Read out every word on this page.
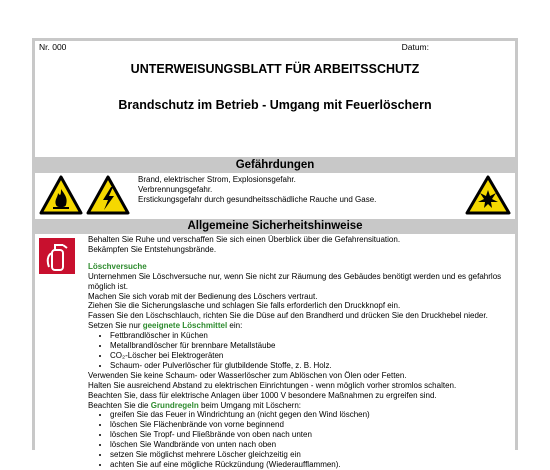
Nr. 000	Datum:
UNTERWEISUNGSBLATT FÜR ARBEITSSCHUTZ
Brandschutz im Betrieb - Umgang mit Feuerlöschern
Gefährdungen
Brand, elektrischer Strom, Explosionsgefahr.
Verbrennungsgefahr.
Erstickungsgefahr durch gesundheitsschädliche Rauche und Gase.
Allgemeine Sicherheitshinweise

Behalten Sie Ruhe und verschaffen Sie sich einen Überblick über die Gefahrensituation.

Bekämpfen Sie Entstehungsbrände.

Löschversuche

Unternehmen Sie Löschversuche nur, wenn Sie nicht zur Räumung des Gebäudes benötigt werden und es gefahrlos möglich ist.

Machen Sie sich vorab mit der Bedienung des Löschers vertraut.

Ziehen Sie die Sicherungslasche und schlagen Sie falls erforderlich den Druckknopf ein.

Fassen Sie den Löschschlauch, richten Sie die Düse auf den Brandherd und drücken Sie den Druckhebel nieder.

Setzen Sie nur geeignete Löschmittel ein:

• Fettbrandlöscher in Küchen
• Metallbrandlöscher für brennbare Metallstäube
• CO₂-Löscher bei Elektrogeräten
• Schaum- oder Pulverlöscher für glutbildende Stoffe, z. B. Holz.

Verwenden Sie keine Schaum- oder Wasserlöscher zum Ablöschen von Ölen oder Fetten.

Halten Sie ausreichend Abstand zu elektrischen Einrichtungen - wenn möglich vorher stromlos schalten.

Beachten Sie, dass für elektrische Anlagen über 1000 V besondere Maßnahmen zu ergreifen sind.

Beachten Sie die Grundregeln beim Umgang mit Löschern:

• greifen Sie das Feuer in Windrichtung an (nicht gegen den Wind löschen)
• löschen Sie Flächenbrände von vorne beginnend
• löschen Sie Tropf- und Fließbrände von oben nach unten
• löschen Sie Wandbrände von unten nach oben
• setzen Sie möglichst mehrere Löscher gleichzeitig ein
• achten Sie auf eine mögliche Rückzündung (Wiederaufflammen).
